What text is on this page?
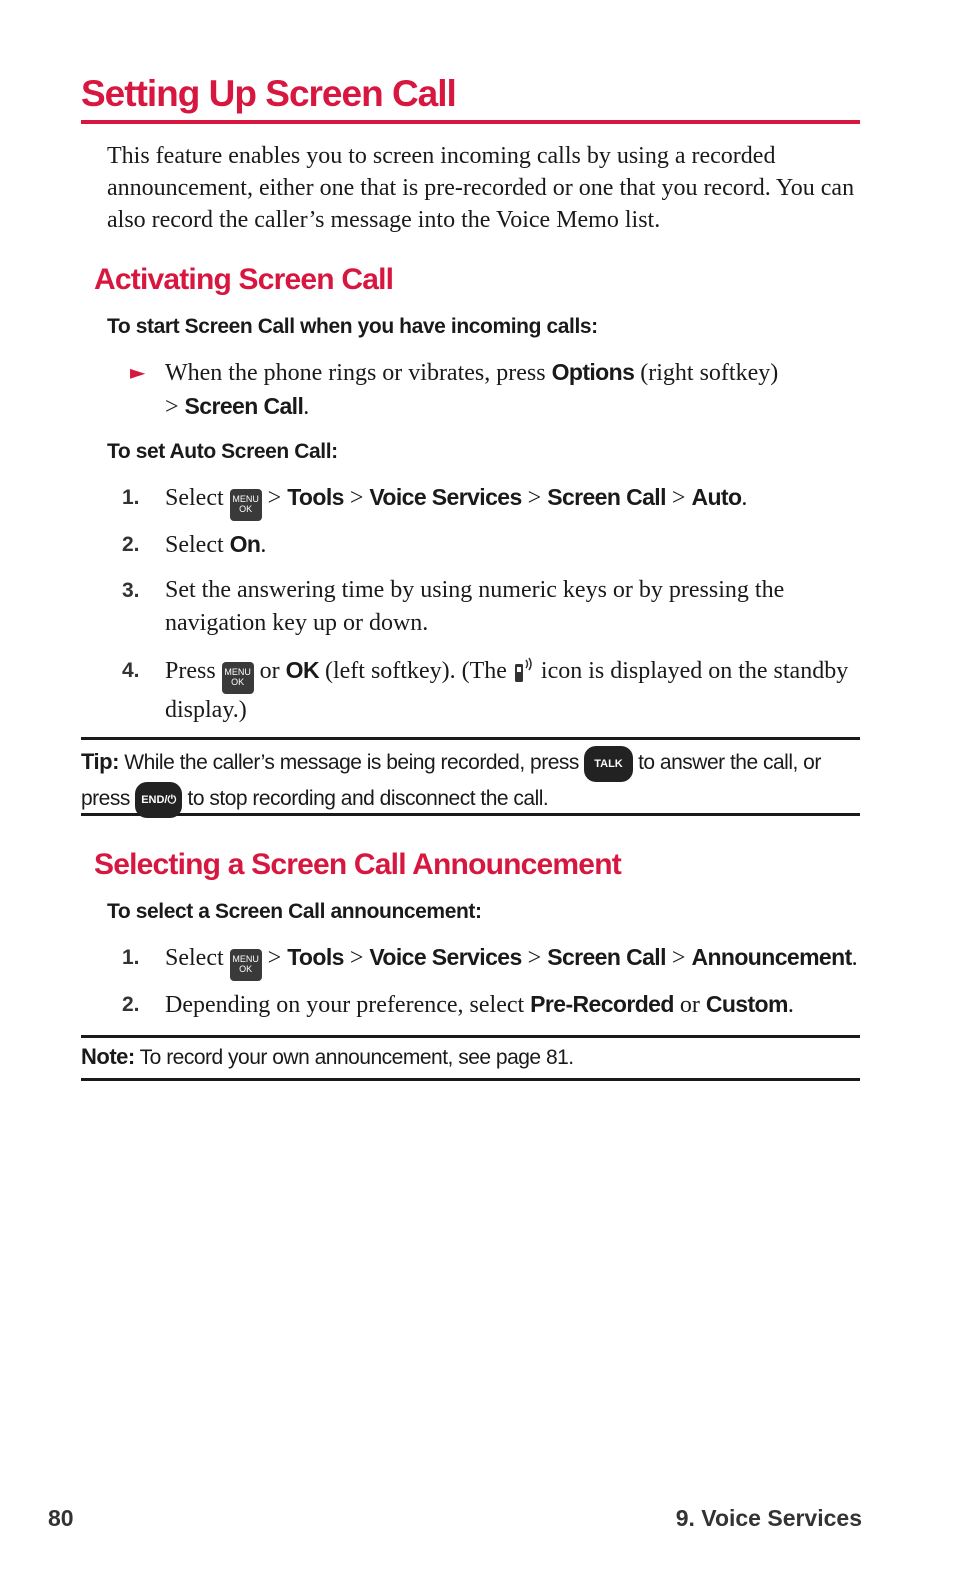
Setting Up Screen Call

This feature enables you to screen incoming calls by using a recorded announcement, either one that is pre-recorded or one that you record. You can also record the caller’s message into the Voice Memo list.

Activating Screen Call

To start Screen Call when you have incoming calls:

► When the phone rings or vibrates, press Options (right softkey)
> Screen Call.

To set Auto Screen Call:

1. Select MENU
OK > Tools > Voice Services > Screen Call > Auto.
2. Select On.
3. Set the answering time by using numeric keys or by pressing the navigation key up or down.
4. Press MENU
OK or OK (left softkey). (The  icon is displayed on the standby display.)
Tip: While the caller’s message is being recorded, press TALK to answer the call, or press END/⏻ to stop recording and disconnect the call.
Selecting a Screen Call Announcement

To select a Screen Call announcement:

1. Select MENU
OK > Tools > Voice Services > Screen Call > Announcement.
2. Depending on your preference, select Pre-Recorded or Custom.
Note: To record your own announcement, see page 81.
80	9. Voice Services
